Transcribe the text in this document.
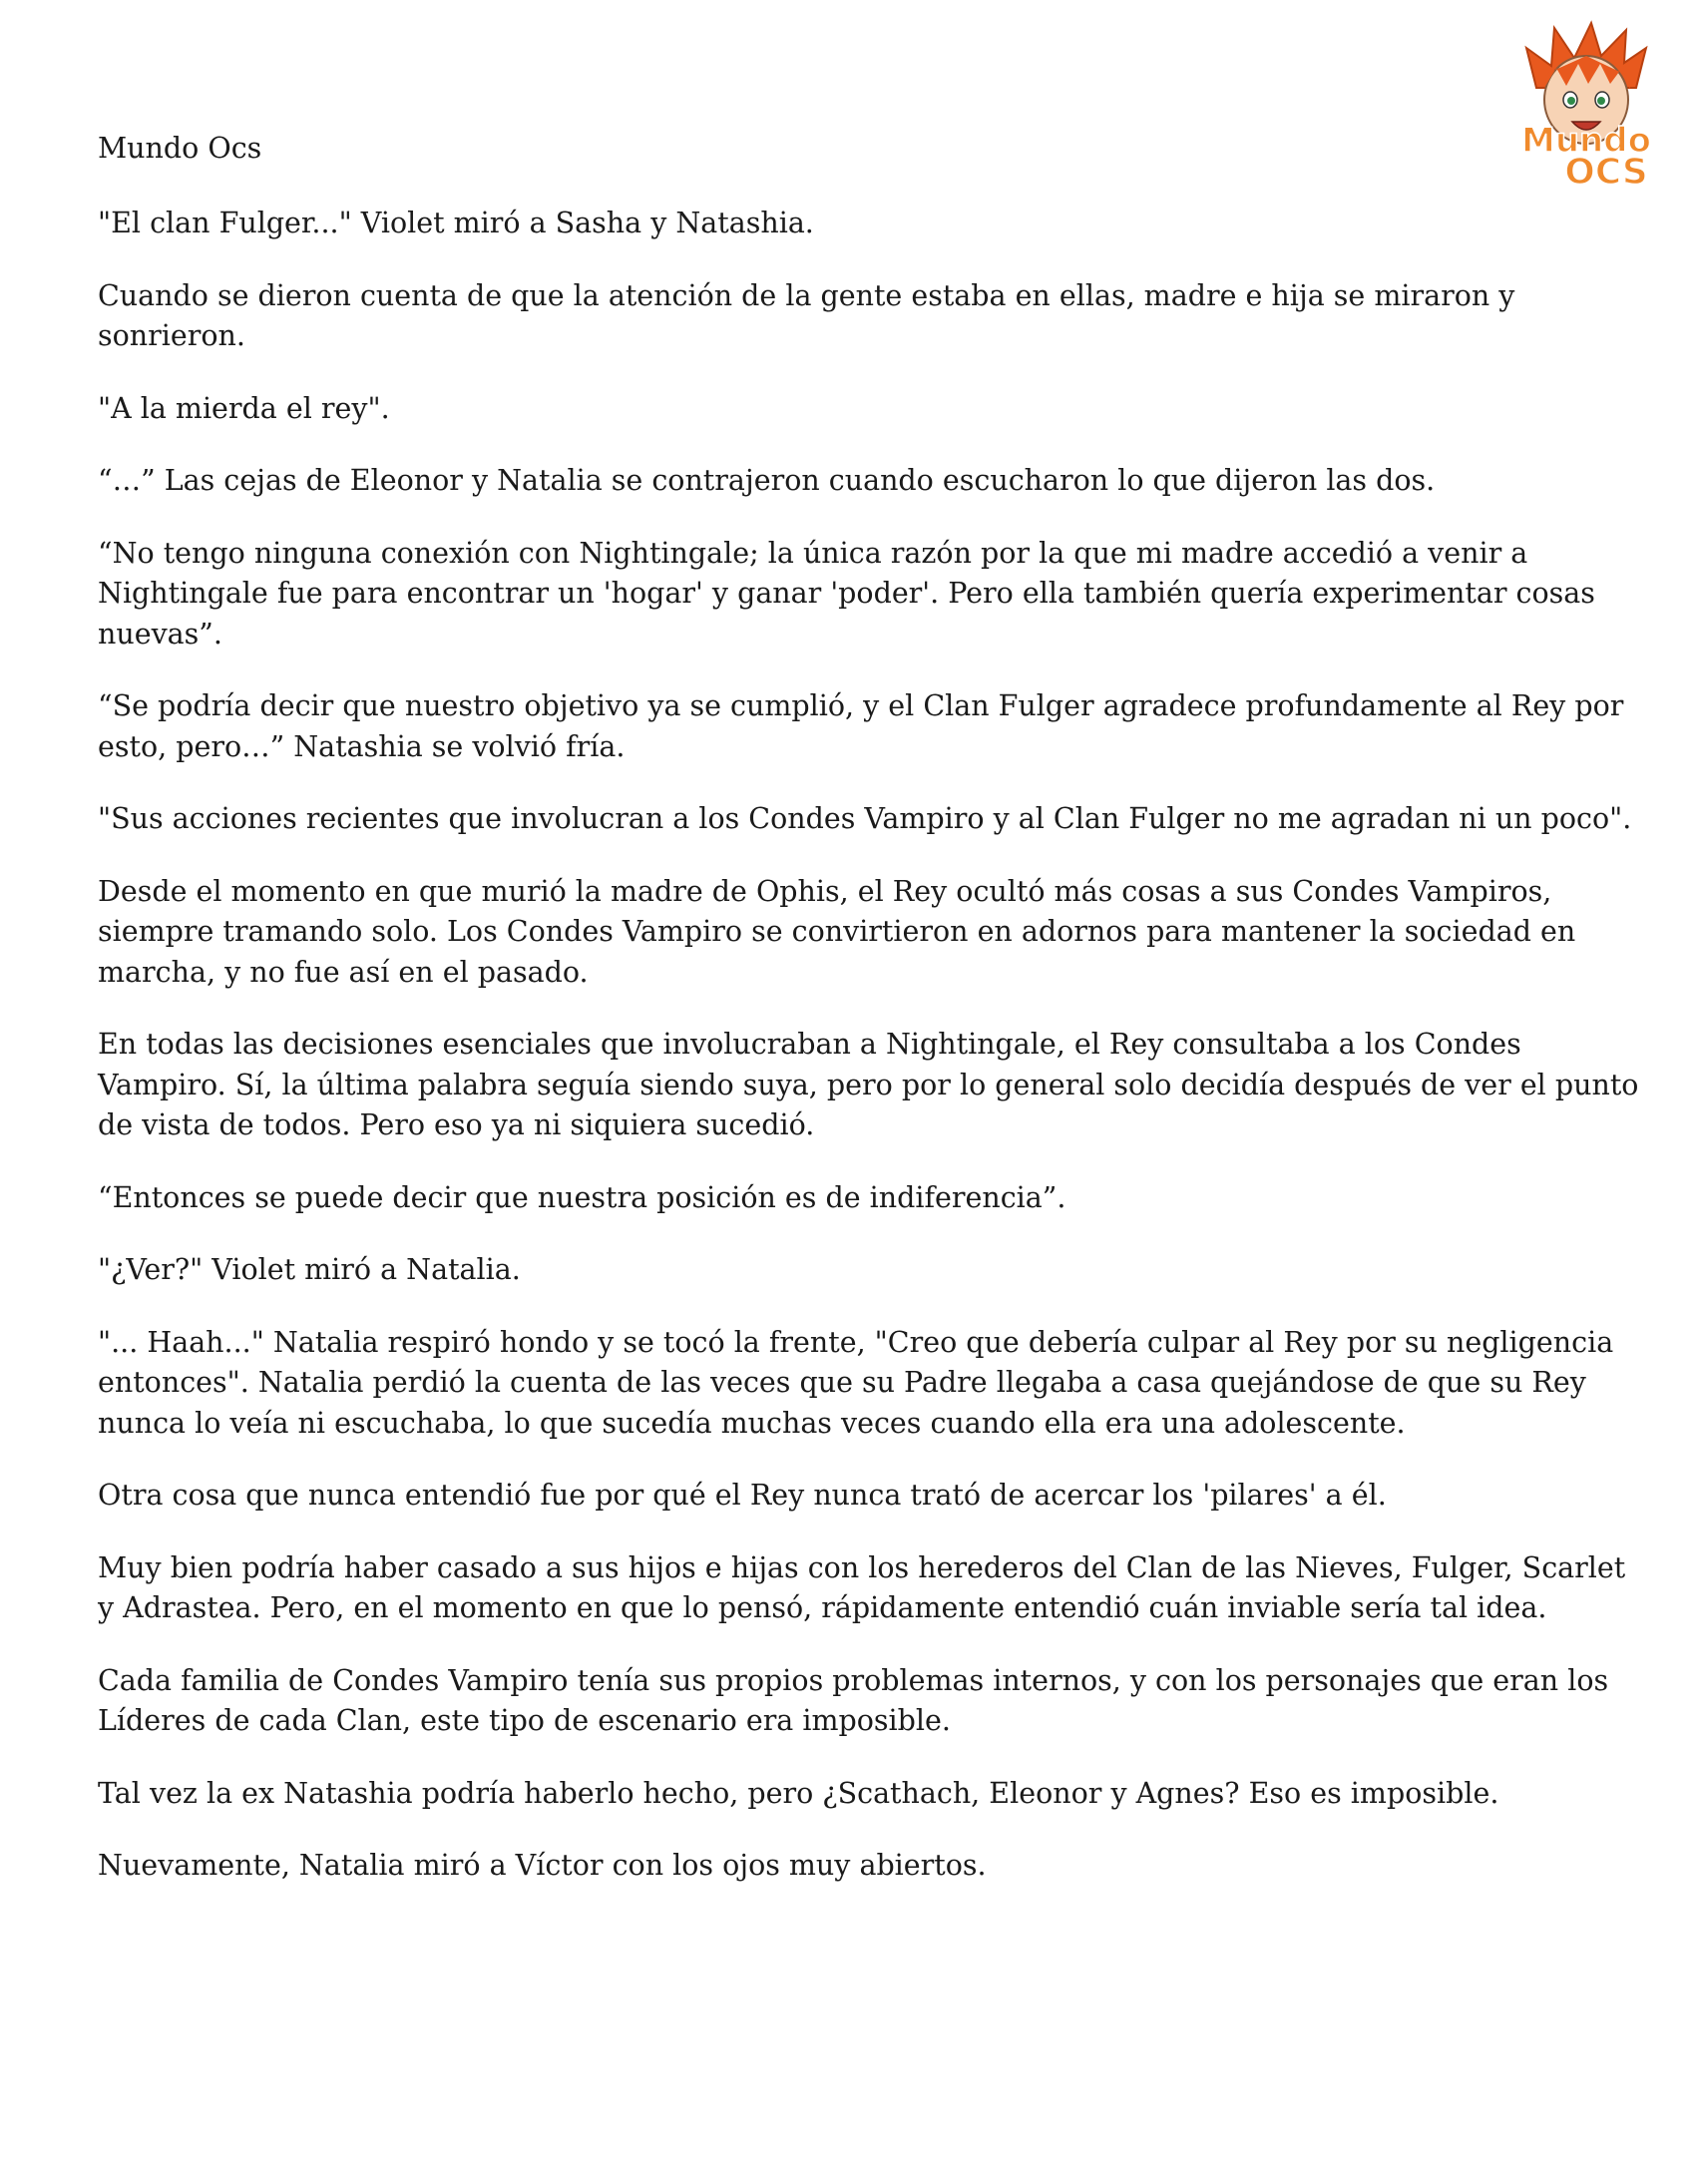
Mundo Ocs	Mundo
OCS

"El clan Fulger..." Violet miró a Sasha y Natashia.

Cuando se dieron cuenta de que la atención de la gente estaba en ellas, madre e hija se miraron y sonrieron.

"A la mierda el rey".

“…” Las cejas de Eleonor y Natalia se contrajeron cuando escucharon lo que dijeron las dos.

“No tengo ninguna conexión con Nightingale; la única razón por la que mi madre accedió a venir a Nightingale fue para encontrar un 'hogar' y ganar 'poder'. Pero ella también quería experimentar cosas nuevas”.

“Se podría decir que nuestro objetivo ya se cumplió, y el Clan Fulger agradece profundamente al Rey por esto, pero…” Natashia se volvió fría.

"Sus acciones recientes que involucran a los Condes Vampiro y al Clan Fulger no me agradan ni un poco".

Desde el momento en que murió la madre de Ophis, el Rey ocultó más cosas a sus Condes Vampiros, siempre tramando solo. Los Condes Vampiro se convirtieron en adornos para mantener la sociedad en marcha, y no fue así en el pasado.

En todas las decisiones esenciales que involucraban a Nightingale, el Rey consultaba a los Condes Vampiro. Sí, la última palabra seguía siendo suya, pero por lo general solo decidía después de ver el punto de vista de todos. Pero eso ya ni siquiera sucedió.

“Entonces se puede decir que nuestra posición es de indiferencia”.

"¿Ver?" Violet miró a Natalia.

"... Haah..." Natalia respiró hondo y se tocó la frente, "Creo que debería culpar al Rey por su negligencia entonces". Natalia perdió la cuenta de las veces que su Padre llegaba a casa quejándose de que su Rey nunca lo veía ni escuchaba, lo que sucedía muchas veces cuando ella era una adolescente.

Otra cosa que nunca entendió fue por qué el Rey nunca trató de acercar los 'pilares' a él.

Muy bien podría haber casado a sus hijos e hijas con los herederos del Clan de las Nieves, Fulger, Scarlet y Adrastea. Pero, en el momento en que lo pensó, rápidamente entendió cuán inviable sería tal idea.

Cada familia de Condes Vampiro tenía sus propios problemas internos, y con los personajes que eran los Líderes de cada Clan, este tipo de escenario era imposible.

Tal vez la ex Natashia podría haberlo hecho, pero ¿Scathach, Eleonor y Agnes? Eso es imposible.

Nuevamente, Natalia miró a Víctor con los ojos muy abiertos.
